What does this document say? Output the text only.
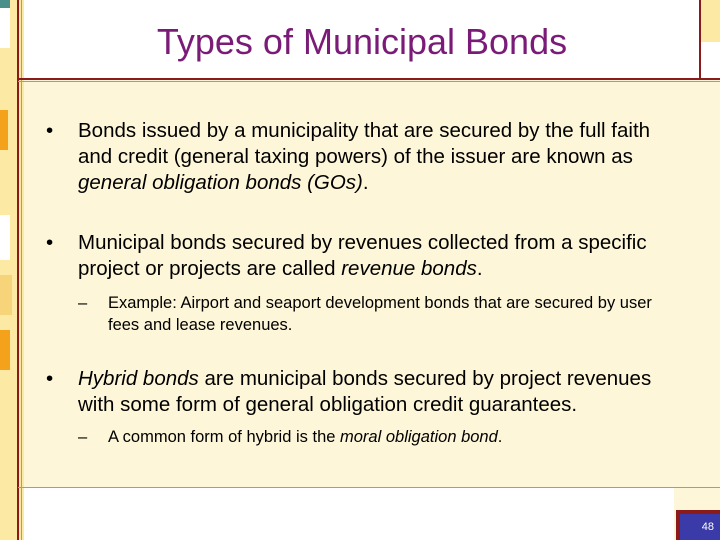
Types of Municipal Bonds

• Bonds issued by a municipality that are secured by the full faith and credit (general taxing powers) of the issuer are known as general obligation bonds (GOs).

• Municipal bonds secured by revenues collected from a specific project or projects are called revenue bonds.

– Example: Airport and seaport development bonds that are secured by user fees and lease revenues.

• Hybrid bonds are municipal bonds secured by project revenues with some form of general obligation credit guarantees.

– A common form of hybrid is the moral obligation bond.

48
